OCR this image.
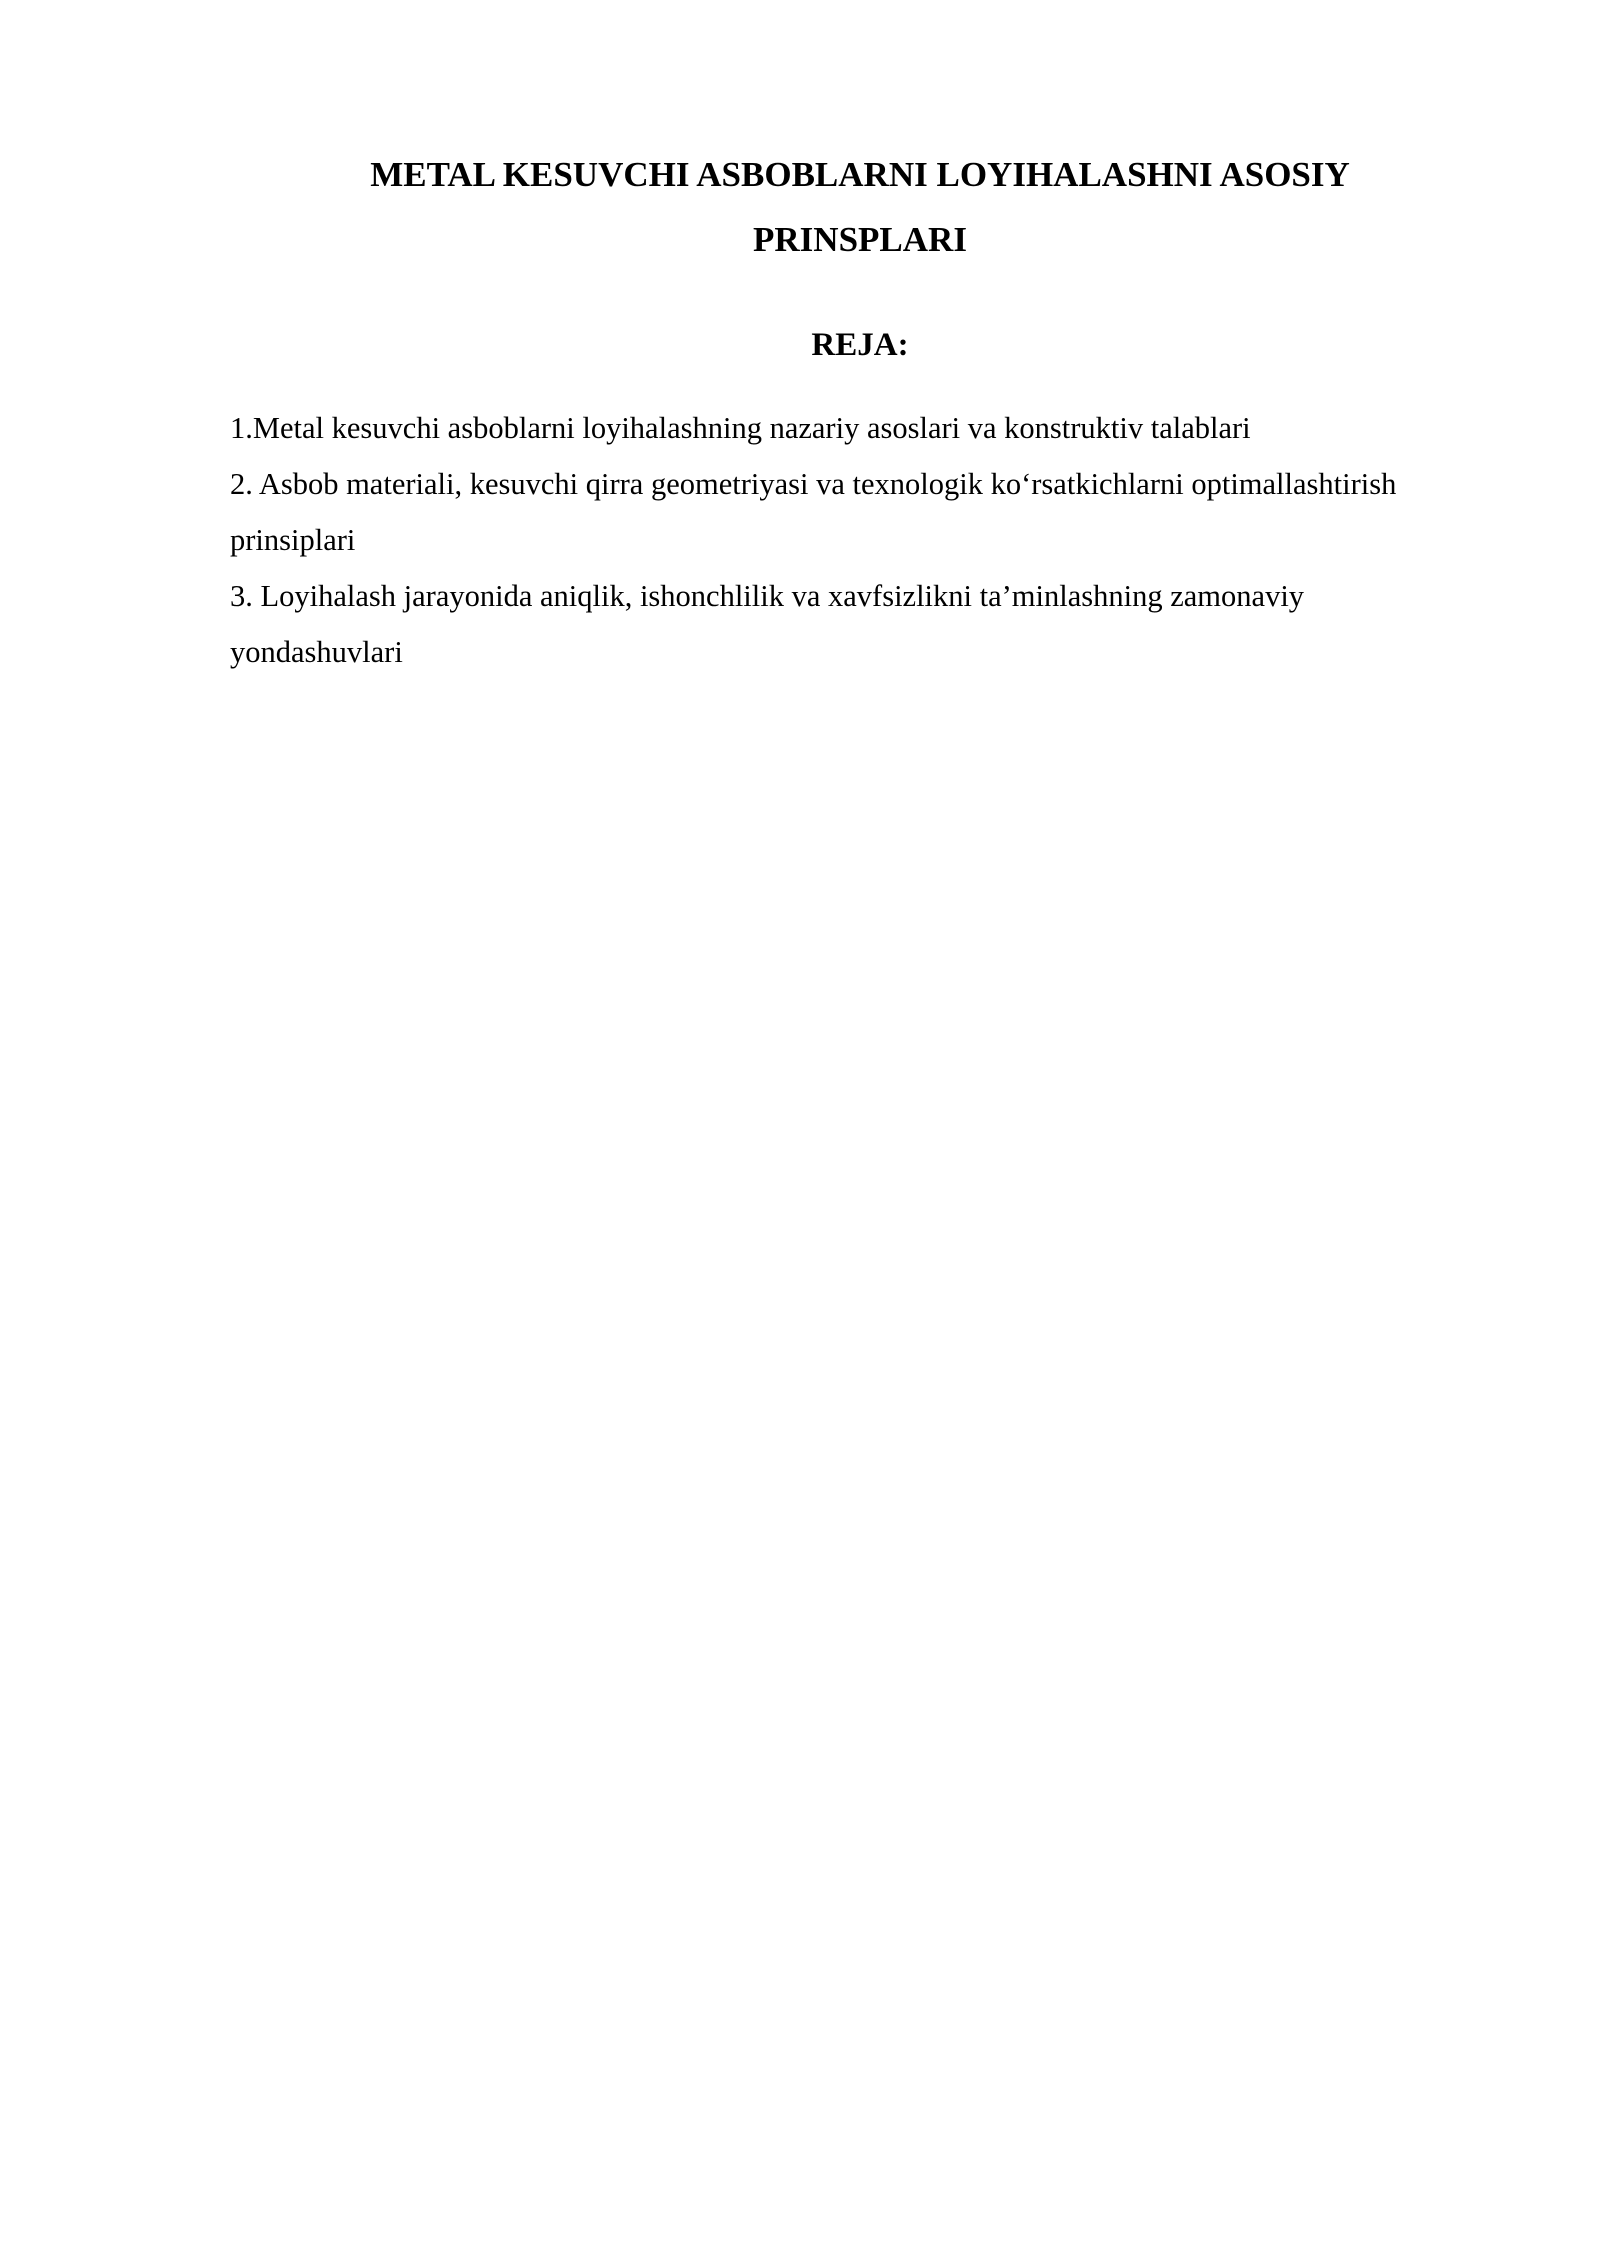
METAL KESUVCHI ASBOBLARNI LOYIHALASHNI ASOSIY
PRINSPLARI
REJA:
1.Metal kesuvchi asboblarni loyihalashning nazariy asoslari va konstruktiv talablari
2. Asbob materiali, kesuvchi qirra geometriyasi va texnologik ko‘rsatkichlarni optimallashtirish prinsiplari
3. Loyihalash jarayonida aniqlik, ishonchlilik va xavfsizlikni ta’minlashning zamonaviy yondashuvlari
